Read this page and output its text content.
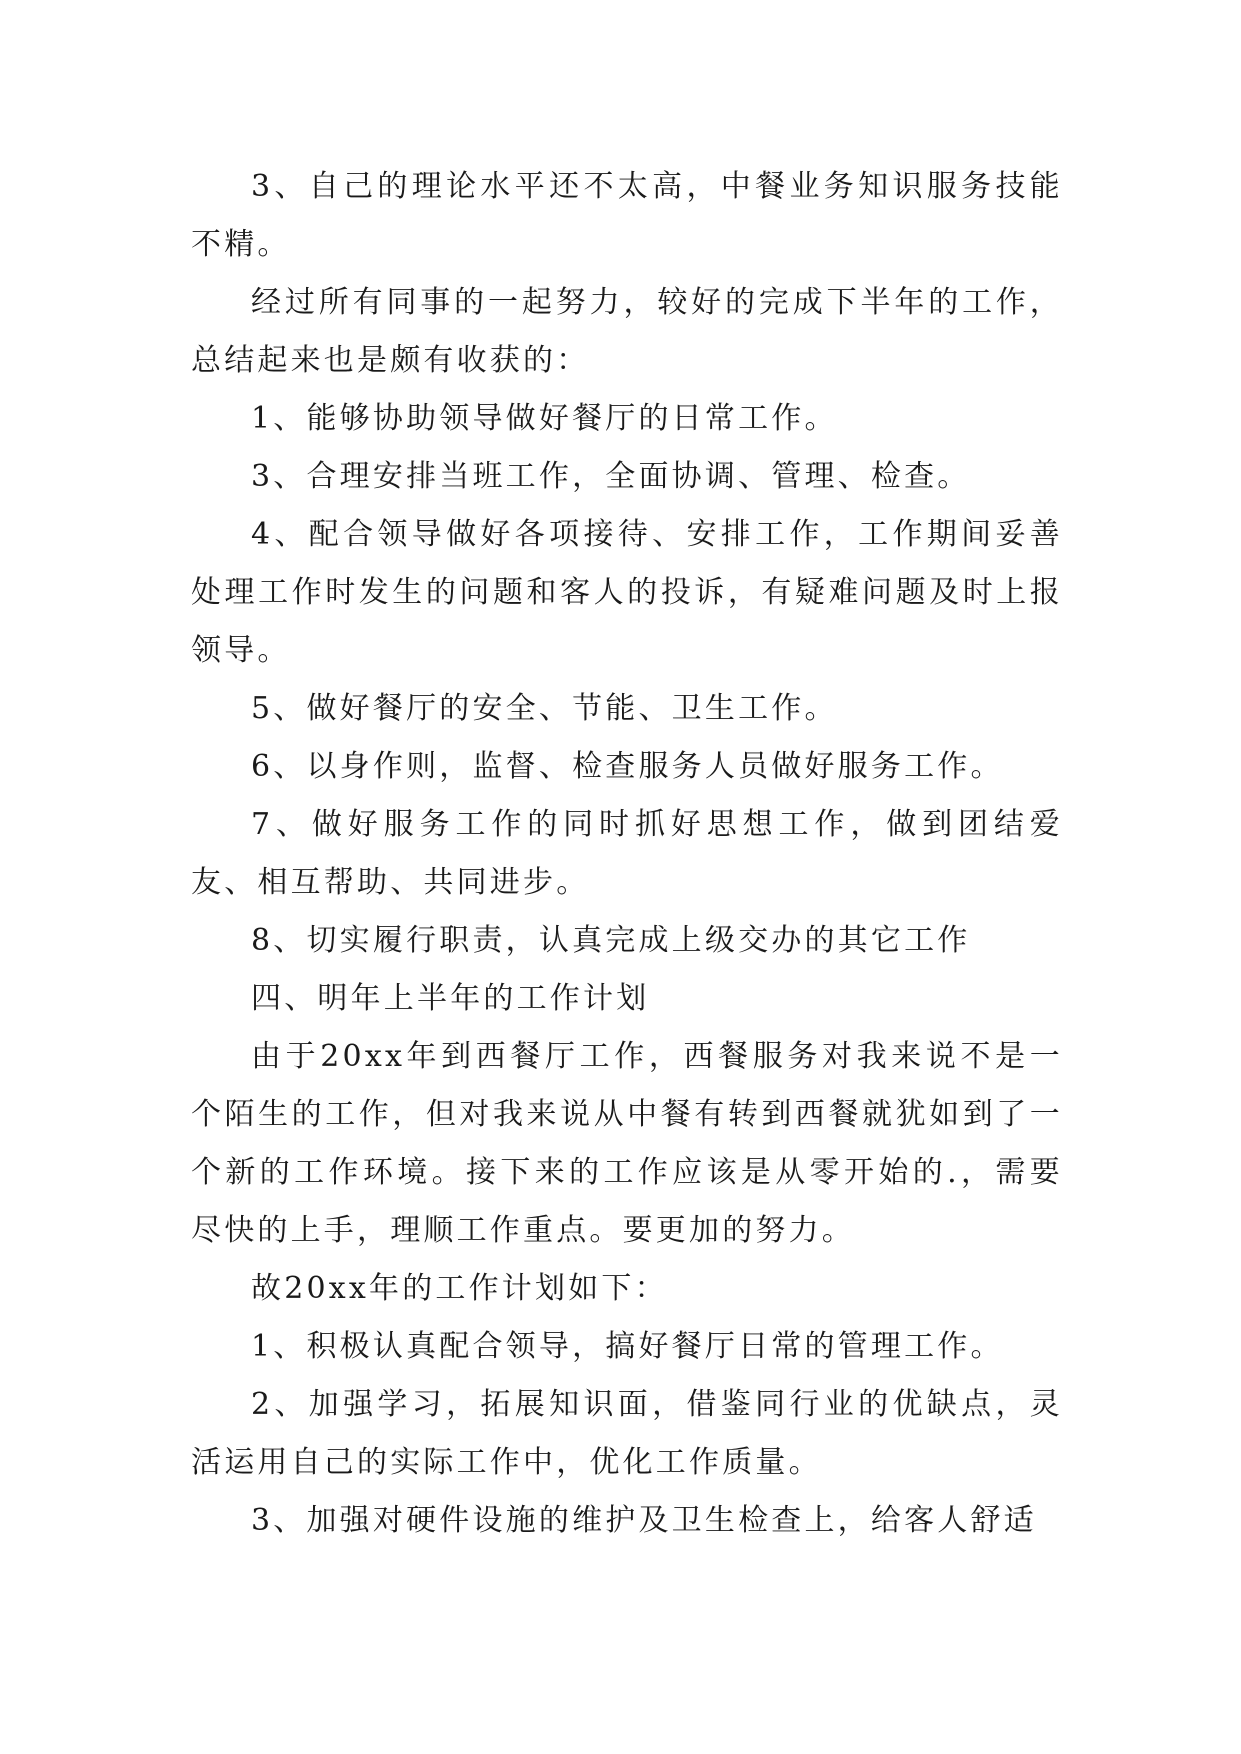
3、自己的理论水平还不太高，中餐业务知识服务技能不精。

经过所有同事的一起努力，较好的完成下半年的工作，总结起来也是颇有收获的：

1、能够协助领导做好餐厅的日常工作。

3、合理安排当班工作，全面协调、管理、检查。

4、配合领导做好各项接待、安排工作，工作期间妥善处理工作时发生的问题和客人的投诉，有疑难问题及时上报领导。

5、做好餐厅的安全、节能、卫生工作。

6、以身作则，监督、检查服务人员做好服务工作。

7、做好服务工作的同时抓好思想工作，做到团结爱友、相互帮助、共同进步。

8、切实履行职责，认真完成上级交办的其它工作

四、明年上半年的工作计划

由于20xx年到西餐厅工作，西餐服务对我来说不是一个陌生的工作，但对我来说从中餐有转到西餐就犹如到了一个新的工作环境。接下来的工作应该是从零开始的.，需要尽快的上手，理顺工作重点。要更加的努力。

故20xx年的工作计划如下：

1、积极认真配合领导，搞好餐厅日常的管理工作。

2、加强学习，拓展知识面，借鉴同行业的优缺点，灵活运用自己的实际工作中，优化工作质量。

3、加强对硬件设施的维护及卫生检查上，给客人舒适
